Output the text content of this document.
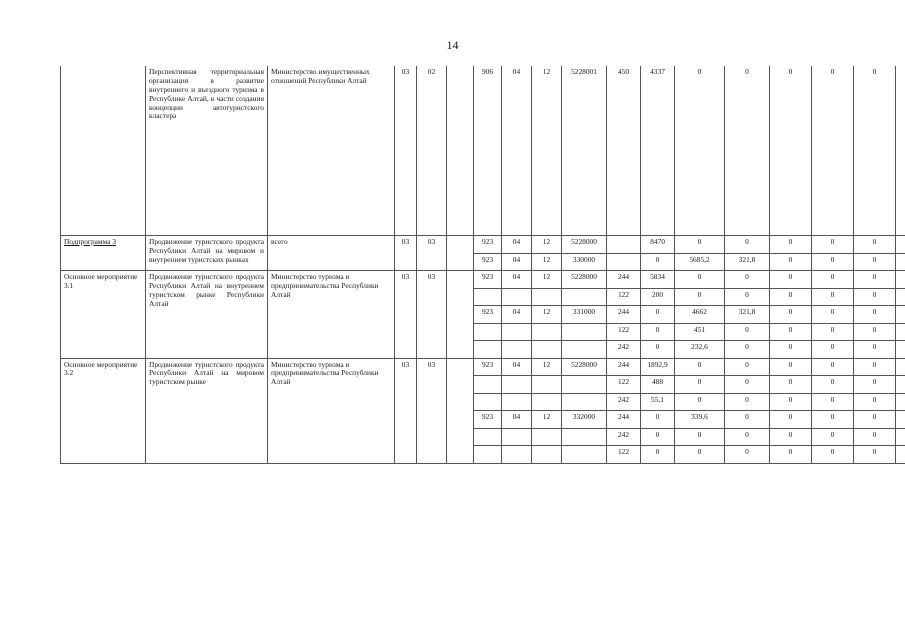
14
	Перспективная территориальная организация в развитие внутреннего и въездного туризма в Республике Алтай, в части создания концепции автотуристского кластера	Министерство имущественных отношений Республики Алтай	03	02		906	04	12	5228001	450	4337	0	0	0	0	0	
Подпрограмма 3	Продвижение туристского продукта Республики Алтай на мировом и внутреннем туристских рынках	всего	03	03		923	04	12	5228000		8470	0	0	0	0	0	
						923	04	12	330000		0	5685,2	321,8	0	0	0	
Основное мероприятие 3.1	Продвижение туристского продукта Республики Алтай на внутреннем туристском рынке Республики Алтай	Министерство туризма и предпринимательства Республики Алтай	03	03		923	04	12	5228000	244	5834	0	0	0	0	0	
										122	200	0	0	0	0	0	
						923	04	12	331000	244	0	4662	321,8	0	0	0	
										122	0	451	0	0	0	0	
										242	0	232,6	0	0	0	0	
Основное мероприятие 3.2	Продвижение туристского продукта Республики Алтай на мировом туристском рынке	Министерство туризма и предпринимательства Республики Алтай	03	03		923	04	12	5228000	244	1892,9	0	0	0	0	0	
										122	488	0	0	0	0	0	
										242	55,1	0	0	0	0	0	
						923	04	12	332000	244	0	339,6	0	0	0	0	
										242	0	0	0	0	0	0	
										122	0	0	0	0	0	0	
